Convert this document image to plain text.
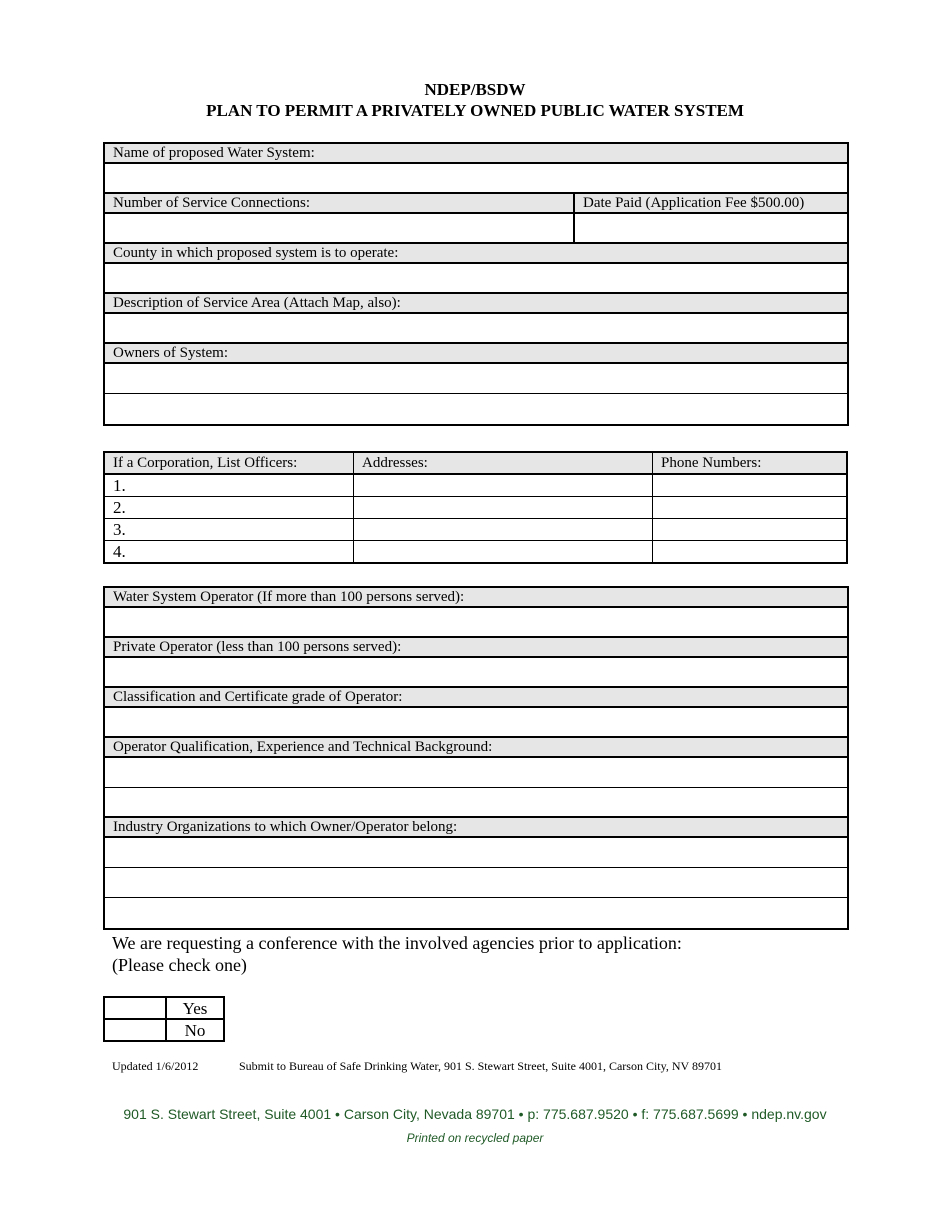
NDEP/BSDW
PLAN TO PERMIT A PRIVATELY OWNED PUBLIC WATER SYSTEM
Name of proposed Water System:
Number of Service Connections:	Date Paid (Application Fee $500.00)
County in which proposed system is to operate:
Description of Service Area (Attach Map, also):
Owners of System:
If a Corporation, List Officers:	Addresses:	Phone Numbers:
1.		
2.		
3.		
4.		
Water System Operator (If more than 100 persons served):
Private Operator (less than 100 persons served):
Classification and Certificate grade of Operator:
Operator Qualification, Experience and Technical Background:
Industry Organizations to which Owner/Operator belong:
We are requesting a conference with the involved agencies prior to application:
(Please check one)
	Yes
	No
Updated 1/6/2012	Submit to Bureau of Safe Drinking Water, 901 S. Stewart Street, Suite 4001, Carson City, NV 89701
901 S. Stewart Street, Suite 4001 • Carson City, Nevada 89701 • p: 775.687.9520 • f: 775.687.5699 • ndep.nv.gov
Printed on recycled paper
